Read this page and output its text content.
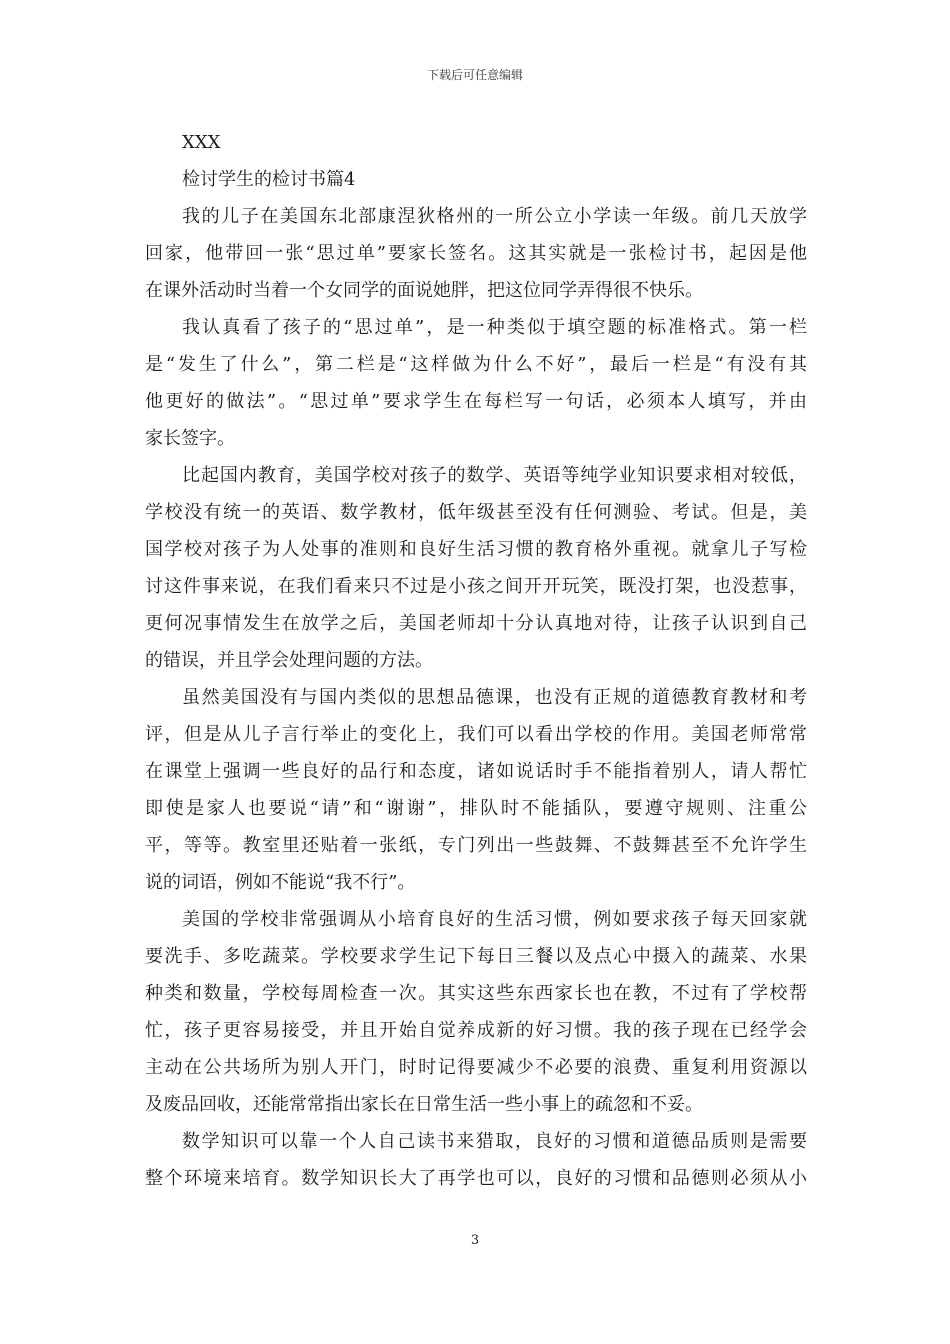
下载后可任意编辑
XXX
检讨学生的检讨书篇4
我的儿子在美国东北部康涅狄格州的一所公立小学读一年级。前几天放学
回家，他带回一张“思过单”要家长签名。这其实就是一张检讨书，起因是他
在课外活动时当着一个女同学的面说她胖，把这位同学弄得很不快乐。
我认真看了孩子的“思过单”，是一种类似于填空题的标准格式。第一栏
是“发生了什么”，第二栏是“这样做为什么不好”，最后一栏是“有没有其
他更好的做法”。“思过单”要求学生在每栏写一句话，必须本人填写，并由
家长签字。
比起国内教育，美国学校对孩子的数学、英语等纯学业知识要求相对较低，
学校没有统一的英语、数学教材，低年级甚至没有任何测验、考试。但是，美
国学校对孩子为人处事的准则和良好生活习惯的教育格外重视。就拿儿子写检
讨这件事来说，在我们看来只不过是小孩之间开开玩笑，既没打架，也没惹事，
更何况事情发生在放学之后，美国老师却十分认真地对待，让孩子认识到自己
的错误，并且学会处理问题的方法。
虽然美国没有与国内类似的思想品德课，也没有正规的道德教育教材和考
评，但是从儿子言行举止的变化上，我们可以看出学校的作用。美国老师常常
在课堂上强调一些良好的品行和态度，诸如说话时手不能指着别人，请人帮忙
即使是家人也要说“请”和“谢谢”，排队时不能插队，要遵守规则、注重公
平，等等。教室里还贴着一张纸，专门列出一些鼓舞、不鼓舞甚至不允许学生
说的词语，例如不能说“我不行”。
美国的学校非常强调从小培育良好的生活习惯，例如要求孩子每天回家就
要洗手、多吃蔬菜。学校要求学生记下每日三餐以及点心中摄入的蔬菜、水果
种类和数量，学校每周检查一次。其实这些东西家长也在教，不过有了学校帮
忙，孩子更容易接受，并且开始自觉养成新的好习惯。我的孩子现在已经学会
主动在公共场所为别人开门，时时记得要减少不必要的浪费、重复利用资源以
及废品回收，还能常常指出家长在日常生活一些小事上的疏忽和不妥。
数学知识可以靠一个人自己读书来猎取，良好的习惯和道德品质则是需要
整个环境来培育。数学知识长大了再学也可以，良好的习惯和品德则必须从小
3
